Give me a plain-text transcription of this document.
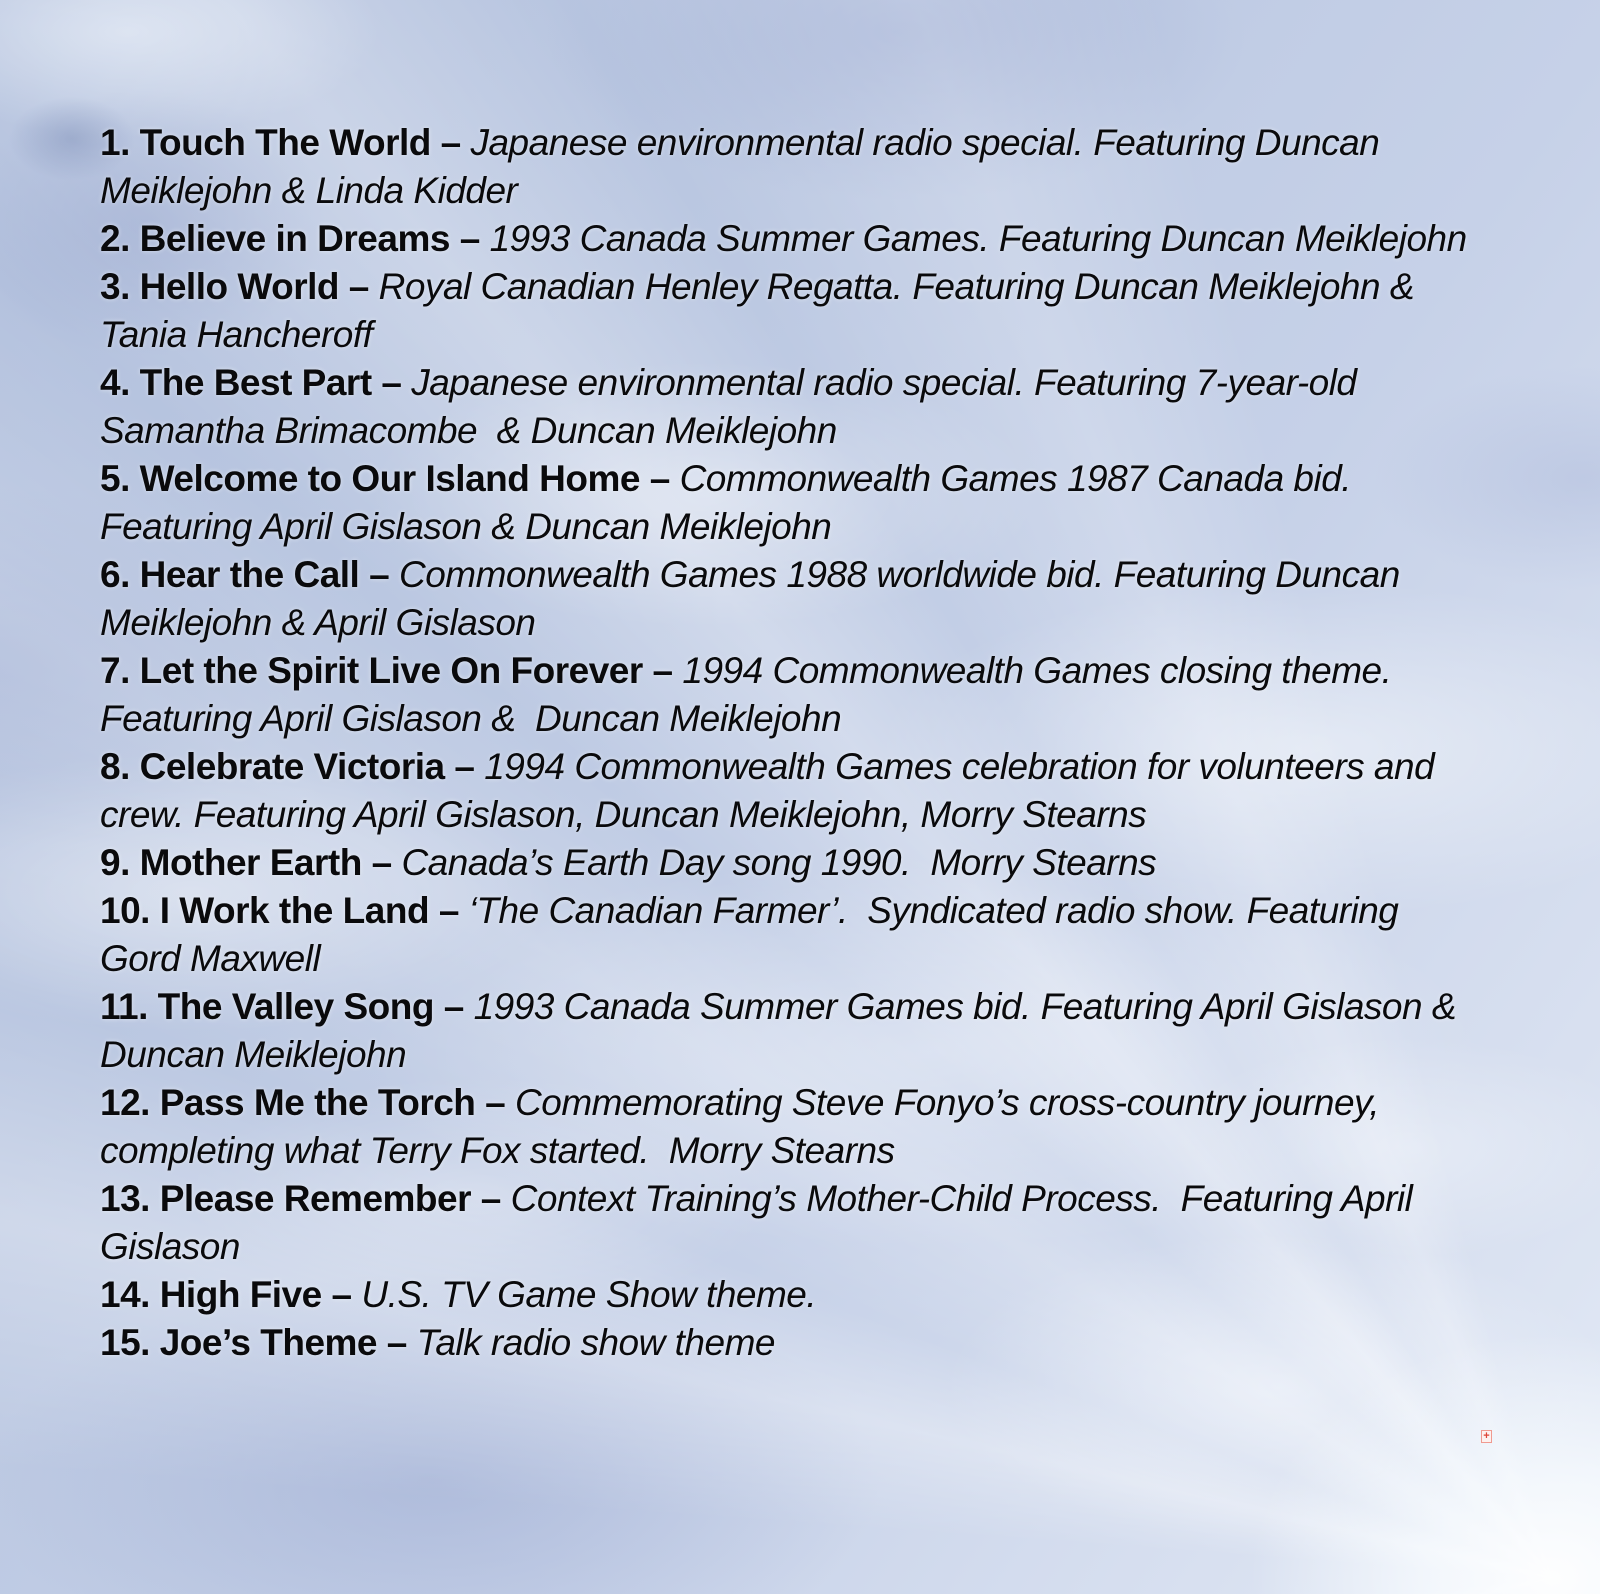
1. Touch The World – Japanese environmental radio special. Featuring Duncan Meiklejohn & Linda Kidder
2. Believe in Dreams – 1993 Canada Summer Games. Featuring Duncan Meiklejohn
3. Hello World – Royal Canadian Henley Regatta. Featuring Duncan Meiklejohn & Tania Hancheroff
4. The Best Part – Japanese environmental radio special. Featuring 7-year-old Samantha Brimacombe  & Duncan Meiklejohn
5. Welcome to Our Island Home – Commonwealth Games 1987 Canada bid. Featuring April Gislason & Duncan Meiklejohn
6. Hear the Call – Commonwealth Games 1988 worldwide bid. Featuring Duncan Meiklejohn & April Gislason
7. Let the Spirit Live On Forever – 1994 Commonwealth Games closing theme. Featuring April Gislason &  Duncan Meiklejohn
8. Celebrate Victoria – 1994 Commonwealth Games celebration for volunteers and crew. Featuring April Gislason, Duncan Meiklejohn, Morry Stearns
9. Mother Earth – Canada’s Earth Day song 1990.  Morry Stearns
10. I Work the Land – ‘The Canadian Farmer’.  Syndicated radio show. Featuring Gord Maxwell
11. The Valley Song – 1993 Canada Summer Games bid. Featuring April Gislason & Duncan Meiklejohn
12. Pass Me the Torch – Commemorating Steve Fonyo’s cross-country journey, completing what Terry Fox started.  Morry Stearns
13. Please Remember – Context Training’s Mother-Child Process.  Featuring April Gislason
14. High Five – U.S. TV Game Show theme.
15. Joe’s Theme – Talk radio show theme
+
